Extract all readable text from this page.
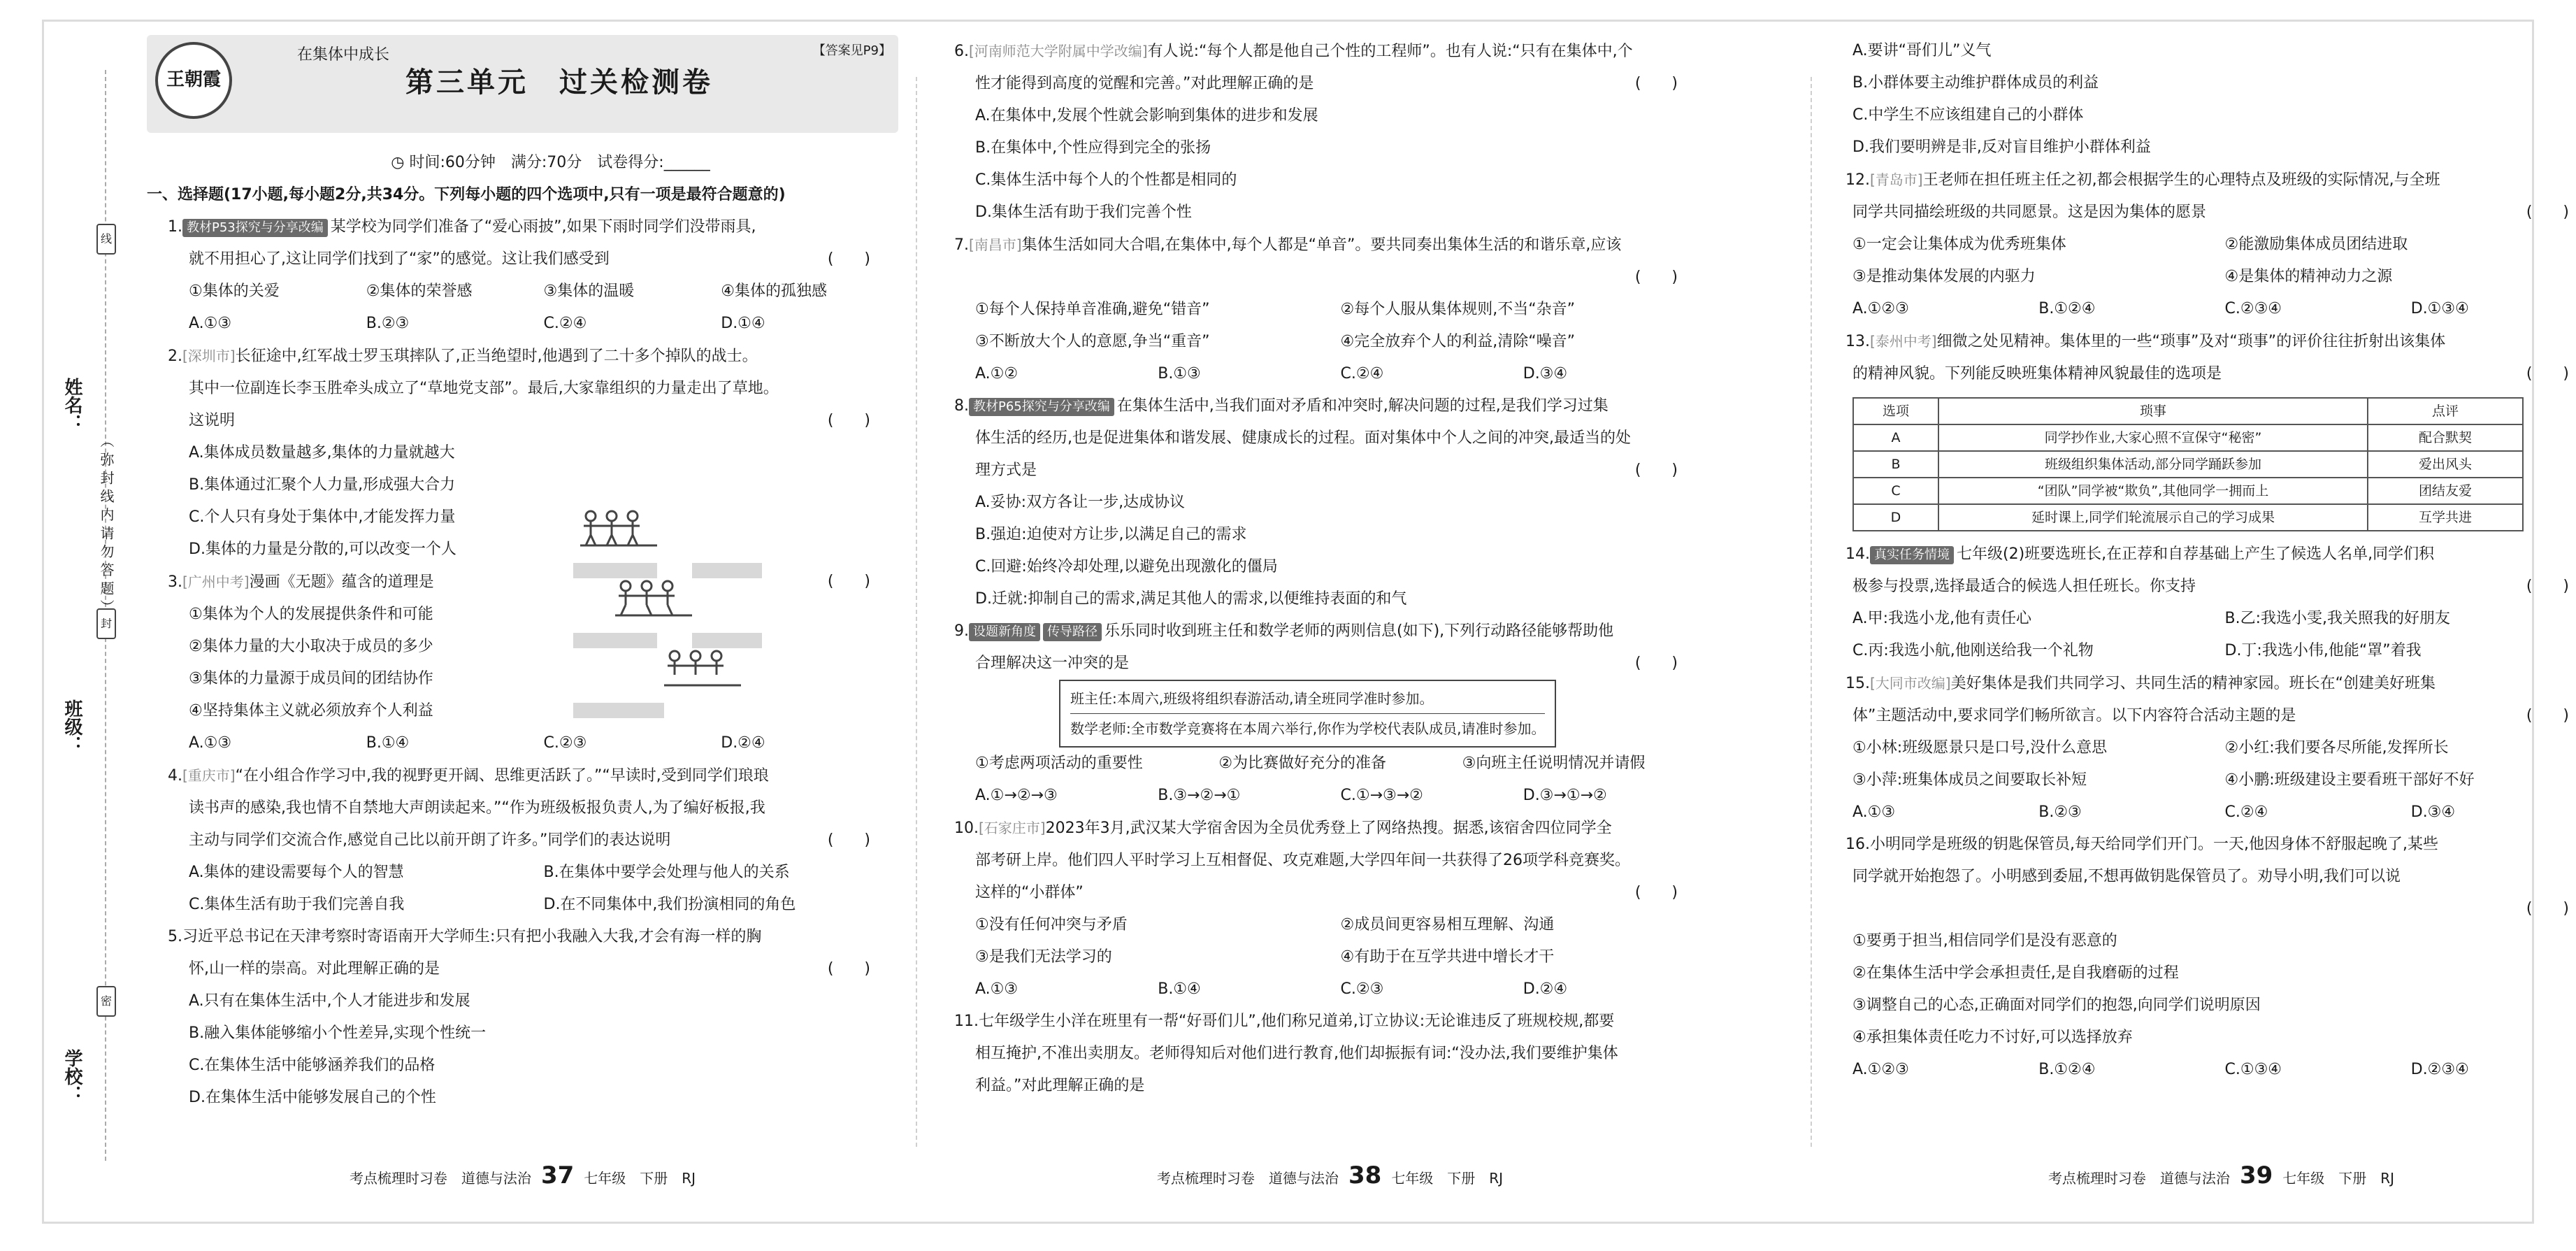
线
封
密
（ 弥 封 线 内 请 勿 答 题 ）
姓名：
班级：
学校：
王朝霞
在集体中成长
第三单元　过关检测卷
【答案见P9】
◷ 时间:60分钟　满分:70分　试卷得分:______
一、选择题(17小题,每小题2分,共34分。下列每小题的四个选项中,只有一项是最符合题意的)
1. 教材P53探究与分享改编 某学校为同学们准备了“爱心雨披”,如果下雨时同学们没带雨具,
就不用担心了,这让同学们找到了“家”的感觉。这让我们感受到	(　　)
①集体的关爱	②集体的荣誉感	③集体的温暖	④集体的孤独感
A.①③	B.②③	C.②④	D.①④
2.[深圳市]长征途中,红军战士罗玉琪摔队了,正当绝望时,他遇到了二十多个掉队的战士。
其中一位副连长李玉胜牵头成立了“草地党支部”。最后,大家靠组织的力量走出了草地。
这说明	(　　)
A.集体成员数量越多,集体的力量就越大
B.集体通过汇聚个人力量,形成强大合力
C.个人只有身处于集体中,才能发挥力量
D.集体的力量是分散的,可以改变一个人
3.[广州中考]漫画《无题》蕴含的道理是	(　　)
①集体为个人的发展提供条件和可能
②集体力量的大小取决于成员的多少
③集体的力量源于成员间的团结协作
④坚持集体主义就必须放弃个人利益
A.①③	B.①④	C.②③	D.②④
4.[重庆市]“在小组合作学习中,我的视野更开阔、思维更活跃了。”“早读时,受到同学们琅琅
读书声的感染,我也情不自禁地大声朗读起来。”“作为班级板报负责人,为了编好板报,我
主动与同学们交流合作,感觉自己比以前开朗了许多。”同学们的表达说明	(　　)
A.集体的建设需要每个人的智慧	B.在集体中要学会处理与他人的关系
C.集体生活有助于我们完善自我	D.在不同集体中,我们扮演相同的角色
5.习近平总书记在天津考察时寄语南开大学师生:只有把小我融入大我,才会有海一样的胸
怀,山一样的崇高。对此理解正确的是	(　　)
A.只有在集体生活中,个人才能进步和发展
B.融入集体能够缩小个性差异,实现个性统一
C.在集体生活中能够涵养我们的品格
D.在集体生活中能够发展自己的个性
考点梳理时习卷　道德与法治 37 七年级　下册　RJ
6.[河南师范大学附属中学改编]有人说:“每个人都是他自己个性的工程师”。也有人说:“只有在集体中,个
性才能得到高度的觉醒和完善。”对此理解正确的是	(　　)
A.在集体中,发展个性就会影响到集体的进步和发展
B.在集体中,个性应得到完全的张扬
C.集体生活中每个人的个性都是相同的
D.集体生活有助于我们完善个性
7.[南昌市]集体生活如同大合唱,在集体中,每个人都是“单音”。要共同奏出集体生活的和谐乐章,应该
(　　)
①每个人保持单音准确,避免“错音”	②每个人服从集体规则,不当“杂音”
③不断放大个人的意愿,争当“重音”	④完全放弃个人的利益,清除“噪音”
A.①②	B.①③	C.②④	D.③④
8. 教材P65探究与分享改编 在集体生活中,当我们面对矛盾和冲突时,解决问题的过程,是我们学习过集
体生活的经历,也是促进集体和谐发展、健康成长的过程。面对集体中个人之间的冲突,最适当的处
理方式是	(　　)
A.妥协:双方各让一步,达成协议
B.强迫:迫使对方让步,以满足自己的需求
C.回避:始终冷却处理,以避免出现激化的僵局
D.迁就:抑制自己的需求,满足其他人的需求,以便维持表面的和气
9. 设题新角度 传导路径 乐乐同时收到班主任和数学老师的两则信息(如下),下列行动路径能够帮助他
合理解决这一冲突的是	(　　)
班主任:本周六,班级将组织春游活动,请全班同学准时参加。
数学老师:全市数学竞赛将在本周六举行,你作为学校代表队成员,请准时参加。
①考虑两项活动的重要性	②为比赛做好充分的准备	③向班主任说明情况并请假
A.①→②→③	B.③→②→①	C.①→③→②	D.③→①→②
10.[石家庄市]2023年3月,武汉某大学宿舍因为全员优秀登上了网络热搜。据悉,该宿舍四位同学全
部考研上岸。他们四人平时学习上互相督促、攻克难题,大学四年间一共获得了26项学科竞赛奖。
这样的“小群体”	(　　)
①没有任何冲突与矛盾	②成员间更容易相互理解、沟通
③是我们无法学习的	④有助于在互学共进中增长才干
A.①③	B.①④	C.②③	D.②④
11.七年级学生小洋在班里有一帮“好哥们儿”,他们称兄道弟,订立协议:无论谁违反了班规校规,都要
相互掩护,不准出卖朋友。老师得知后对他们进行教育,他们却振振有词:“没办法,我们要维护集体
利益。”对此理解正确的是
考点梳理时习卷　道德与法治 38 七年级　下册　RJ
A.要讲“哥们儿”义气
B.小群体要主动维护群体成员的利益
C.中学生不应该组建自己的小群体
D.我们要明辨是非,反对盲目维护小群体利益
12.[青岛市]王老师在担任班主任之初,都会根据学生的心理特点及班级的实际情况,与全班
同学共同描绘班级的共同愿景。这是因为集体的愿景	(　　)
①一定会让集体成为优秀班集体	②能激励集体成员团结进取
③是推动集体发展的内驱力	④是集体的精神动力之源
A.①②③	B.①②④	C.②③④	D.①③④
13.[泰州中考]细微之处见精神。集体里的一些“琐事”及对“琐事”的评价往往折射出该集体
的精神风貌。下列能反映班集体精神风貌最佳的选项是	(　　)
选项	琐事	点评
A	同学抄作业,大家心照不宣保守“秘密”	配合默契
B	班级组织集体活动,部分同学踊跃参加	爱出风头
C	“团队”同学被“欺负”,其他同学一拥而上	团结友爱
D	延时课上,同学们轮流展示自己的学习成果	互学共进
14. 真实任务情境 七年级(2)班要选班长,在正荐和自荐基础上产生了候选人名单,同学们积
极参与投票,选择最适合的候选人担任班长。你支持	(　　)
A.甲:我选小龙,他有责任心	B.乙:我选小雯,我关照我的好朋友
C.丙:我选小航,他刚送给我一个礼物	D.丁:我选小伟,他能“罩”着我
15.[大同市改编]美好集体是我们共同学习、共同生活的精神家园。班长在“创建美好班集
体”主题活动中,要求同学们畅所欲言。以下内容符合活动主题的是	(　　)
①小林:班级愿景只是口号,没什么意思	②小红:我们要各尽所能,发挥所长
③小萍:班集体成员之间要取长补短	④小鹏:班级建设主要看班干部好不好
A.①③	B.②③	C.②④	D.③④
16.小明同学是班级的钥匙保管员,每天给同学们开门。一天,他因身体不舒服起晚了,某些
同学就开始抱怨了。小明感到委屈,不想再做钥匙保管员了。劝导小明,我们可以说
(　　)
①要勇于担当,相信同学们是没有恶意的
②在集体生活中学会承担责任,是自我磨砺的过程
③调整自己的心态,正确面对同学们的抱怨,向同学们说明原因
④承担集体责任吃力不讨好,可以选择放弃
A.①②③	B.①②④	C.①③④	D.②③④
考点梳理时习卷　道德与法治 39 七年级　下册　RJ
